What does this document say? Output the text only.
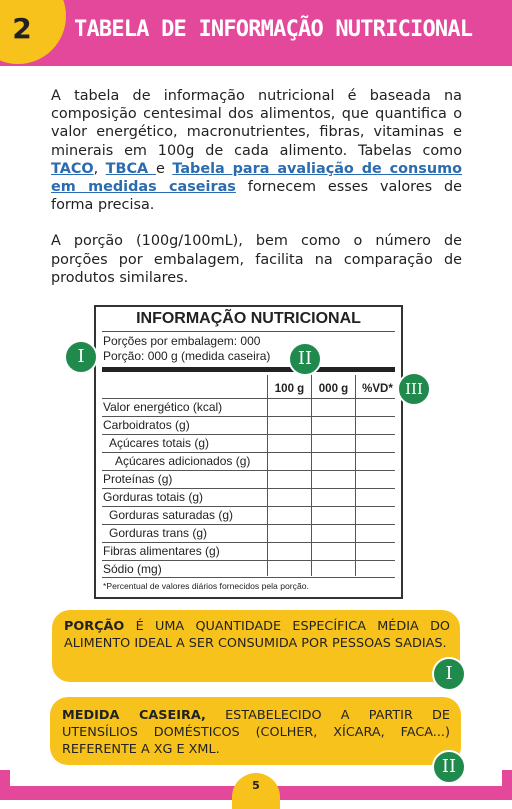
2	TABELA DE INFORMAÇÃO NUTRICIONAL

A tabela de informação nutricional é baseada na composição centesimal dos alimentos, que quantifica o valor energético, macronutrientes, fibras, vitaminas e minerais em 100g de cada alimento. Tabelas como TACO, TBCA e Tabela para avaliação de consumo em medidas caseiras fornecem esses valores de forma precisa.

A porção (100g/100mL), bem como o número de porções por embalagem, facilita na comparação de produtos similares.

INFORMAÇÃO NUTRICIONAL
Porções por embalagem: 000
Porção: 000 g (medida caseira)
100 g	000 g	%VD*
Valor energético (kcal)
Carboidratos (g)
Açúcares totais (g)
Açúcares adicionados (g)
Proteínas (g)
Gorduras totais (g)
Gorduras saturadas (g)
Gorduras trans (g)
Fibras alimentares (g)
Sódio (mg)
*Percentual de valores diários fornecidos pela porção.
I	II
III
PORÇÃO É UMA QUANTIDADE ESPECÍFICA MÉDIA DO ALIMENTO IDEAL A SER CONSUMIDA POR PESSOAS SADIAS.
I
MEDIDA CASEIRA, ESTABELECIDO A PARTIR DE UTENSÍLIOS DOMÉSTICOS (COLHER, XÍCARA, FACA...) REFERENTE A XG E XML.
II
5
